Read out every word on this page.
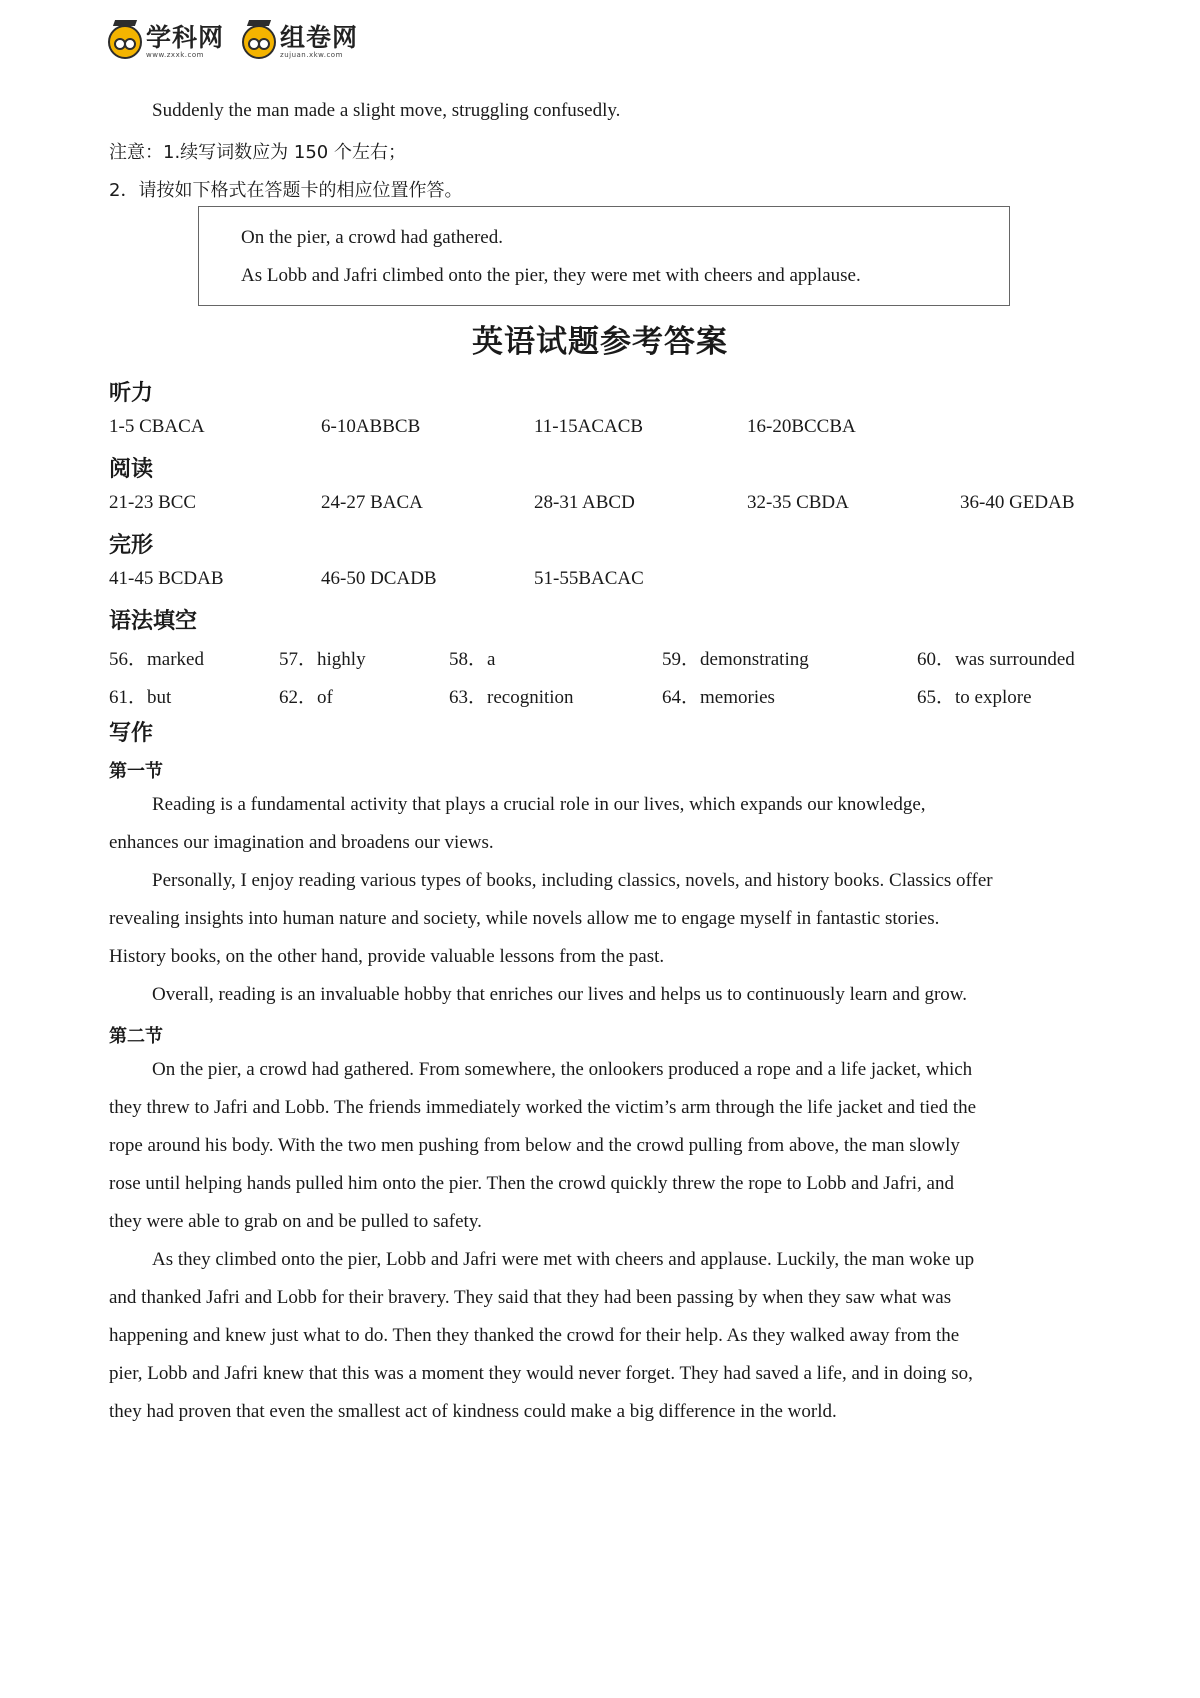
学科网
www.zxxk.com
组卷网
zujuan.xkw.com
Suddenly the man made a slight move, struggling confusedly.
注意：1.续写词数应为 150 个左右；
2．请按如下格式在答题卡的相应位置作答。
On the pier, a crowd had gathered.
As Lobb and Jafri climbed onto the pier, they were met with cheers and applause.
英语试题参考答案
听力
1-5 CBACA	6-10ABBCB	11-15ACACB	16-20BCCBA
阅读
21-23 BCC	24-27 BACA	28-31 ABCD	32-35 CBDA	36-40 GEDAB
完形
41-45 BCDAB	46-50 DCADB	51-55BACAC
语法填空
56．marked	57．highly	58．a	59．demonstrating	60．was surrounded
61．but	62．of	63．recognition	64．memories	65．to explore
写作
第一节
Reading is a fundamental activity that plays a crucial role in our lives, which expands our knowledge,
enhances our imagination and broadens our views.
Personally, I enjoy reading various types of books, including classics, novels, and history books. Classics offer
revealing insights into human nature and society, while novels allow me to engage myself in fantastic stories.
History books, on the other hand, provide valuable lessons from the past.
Overall, reading is an invaluable hobby that enriches our lives and helps us to continuously learn and grow.
第二节
On the pier, a crowd had gathered. From somewhere, the onlookers produced a rope and a life jacket, which
they threw to Jafri and Lobb. The friends immediately worked the victim’s arm through the life jacket and tied the
rope around his body. With the two men pushing from below and the crowd pulling from above, the man slowly
rose until helping hands pulled him onto the pier. Then the crowd quickly threw the rope to Lobb and Jafri, and
they were able to grab on and be pulled to safety.
As they climbed onto the pier, Lobb and Jafri were met with cheers and applause. Luckily, the man woke up
and thanked Jafri and Lobb for their bravery. They said that they had been passing by when they saw what was
happening and knew just what to do. Then they thanked the crowd for their help. As they walked away from the
pier, Lobb and Jafri knew that this was a moment they would never forget. They had saved a life, and in doing so,
they had proven that even the smallest act of kindness could make a big difference in the world.
